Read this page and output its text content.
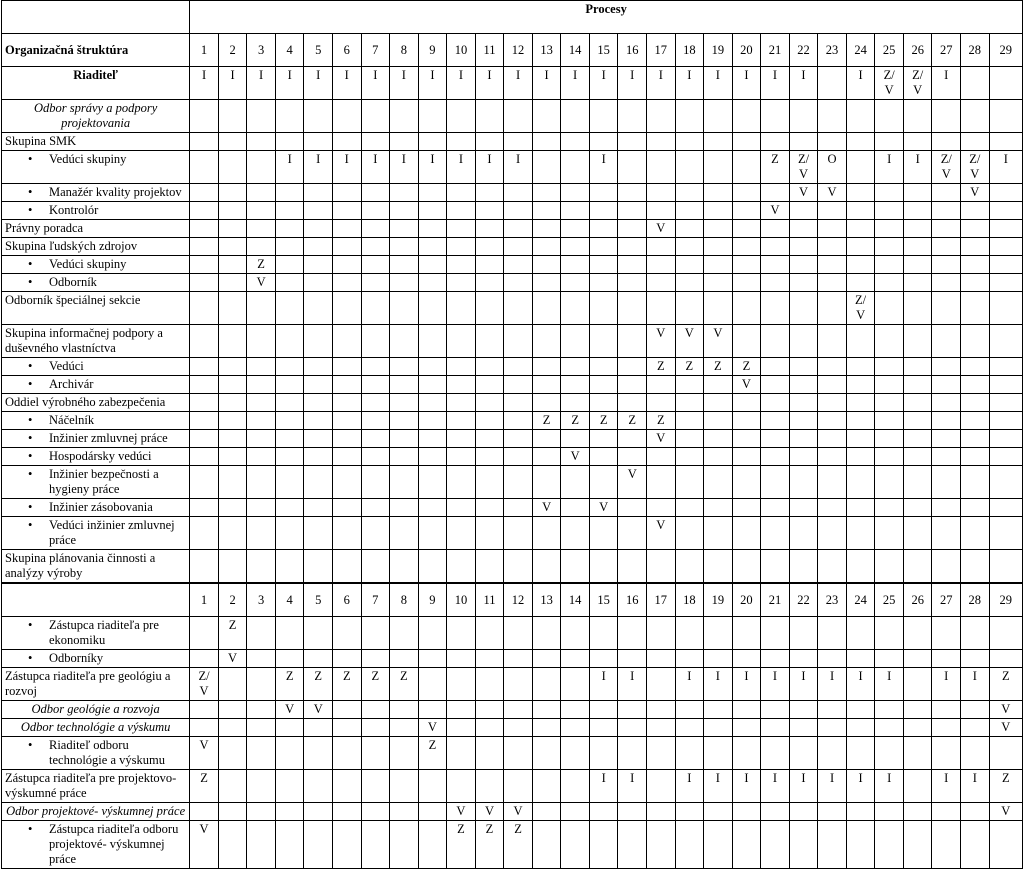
	Procesy																												
Organizačná štruktúra	1	2	3	4	5	6	7	8	9	10	11	12	13	14	15	16	17	18	19	20	21	22	23	24	25	26	27	28	29

Riaditeľ	I	I	I	I	I	I	I	I	I	I	I	I	I	I	I	I	I	I	I	I	I	I		I	Z/ V	Z/ V	I		

Odbor správy a podpory projektovania																													

Skupina SMK																													

• Vedúci skupiny				I	I	I	I	I	I	I	I	I			I						Z	Z/ V	O		I	I	Z/ V	Z/ V	I

• Manažér kvality projektov																						V	V					V	

• Kontrolór																					V								

Právny poradca																	V												

Skupina ľudských zdrojov																													

• Vedúci skupiny			Z																										

• Odborník			V																										

Odborník špeciálnej sekcie																								Z/ V					

Skupina informačnej podpory a duševného vlastníctva																	V	V	V										

• Vedúci																	Z	Z	Z	Z									

• Archivár																				V									

Oddiel výrobného zabezpečenia																													

• Náčelník													Z	Z	Z	Z	Z												

• Inžinier zmluvnej práce																	V												

• Hospodársky vedúci														V															

• Inžinier bezpečnosti a hygieny práce																V													

• Inžinier zásobovania													V		V														

• Vedúci inžinier zmluvnej práce																	V												

Skupina plánovania činnosti a analýzy výroby																													

	1	2	3	4	5	6	7	8	9	10	11	12	13	14	15	16	17	18	19	20	21	22	23	24	25	26	27	28	29

• Zástupca riaditeľa pre ekonomiku		Z																											

• Odborníky		V																											

Zástupca riaditeľa pre geológiu a rozvoj	Z/ V			Z	Z	Z	Z	Z							I	I		I	I	I	I	I	I	I	I		I	I	Z

Odbor geológie a rozvoja				V	V																								V

Odbor technológie a výskumu									V																				V

• Riaditeľ odboru technológie a výskumu	V								Z																				

Zástupca riaditeľa pre projektovo- výskumné práce	Z														I	I		I	I	I	I	I	I	I	I		I	I	Z

Odbor projektové- výskumnej práce										V	V	V																	V

• Zástupca riaditeľa odboru projektové- výskumnej práce	V									Z	Z	Z																	
